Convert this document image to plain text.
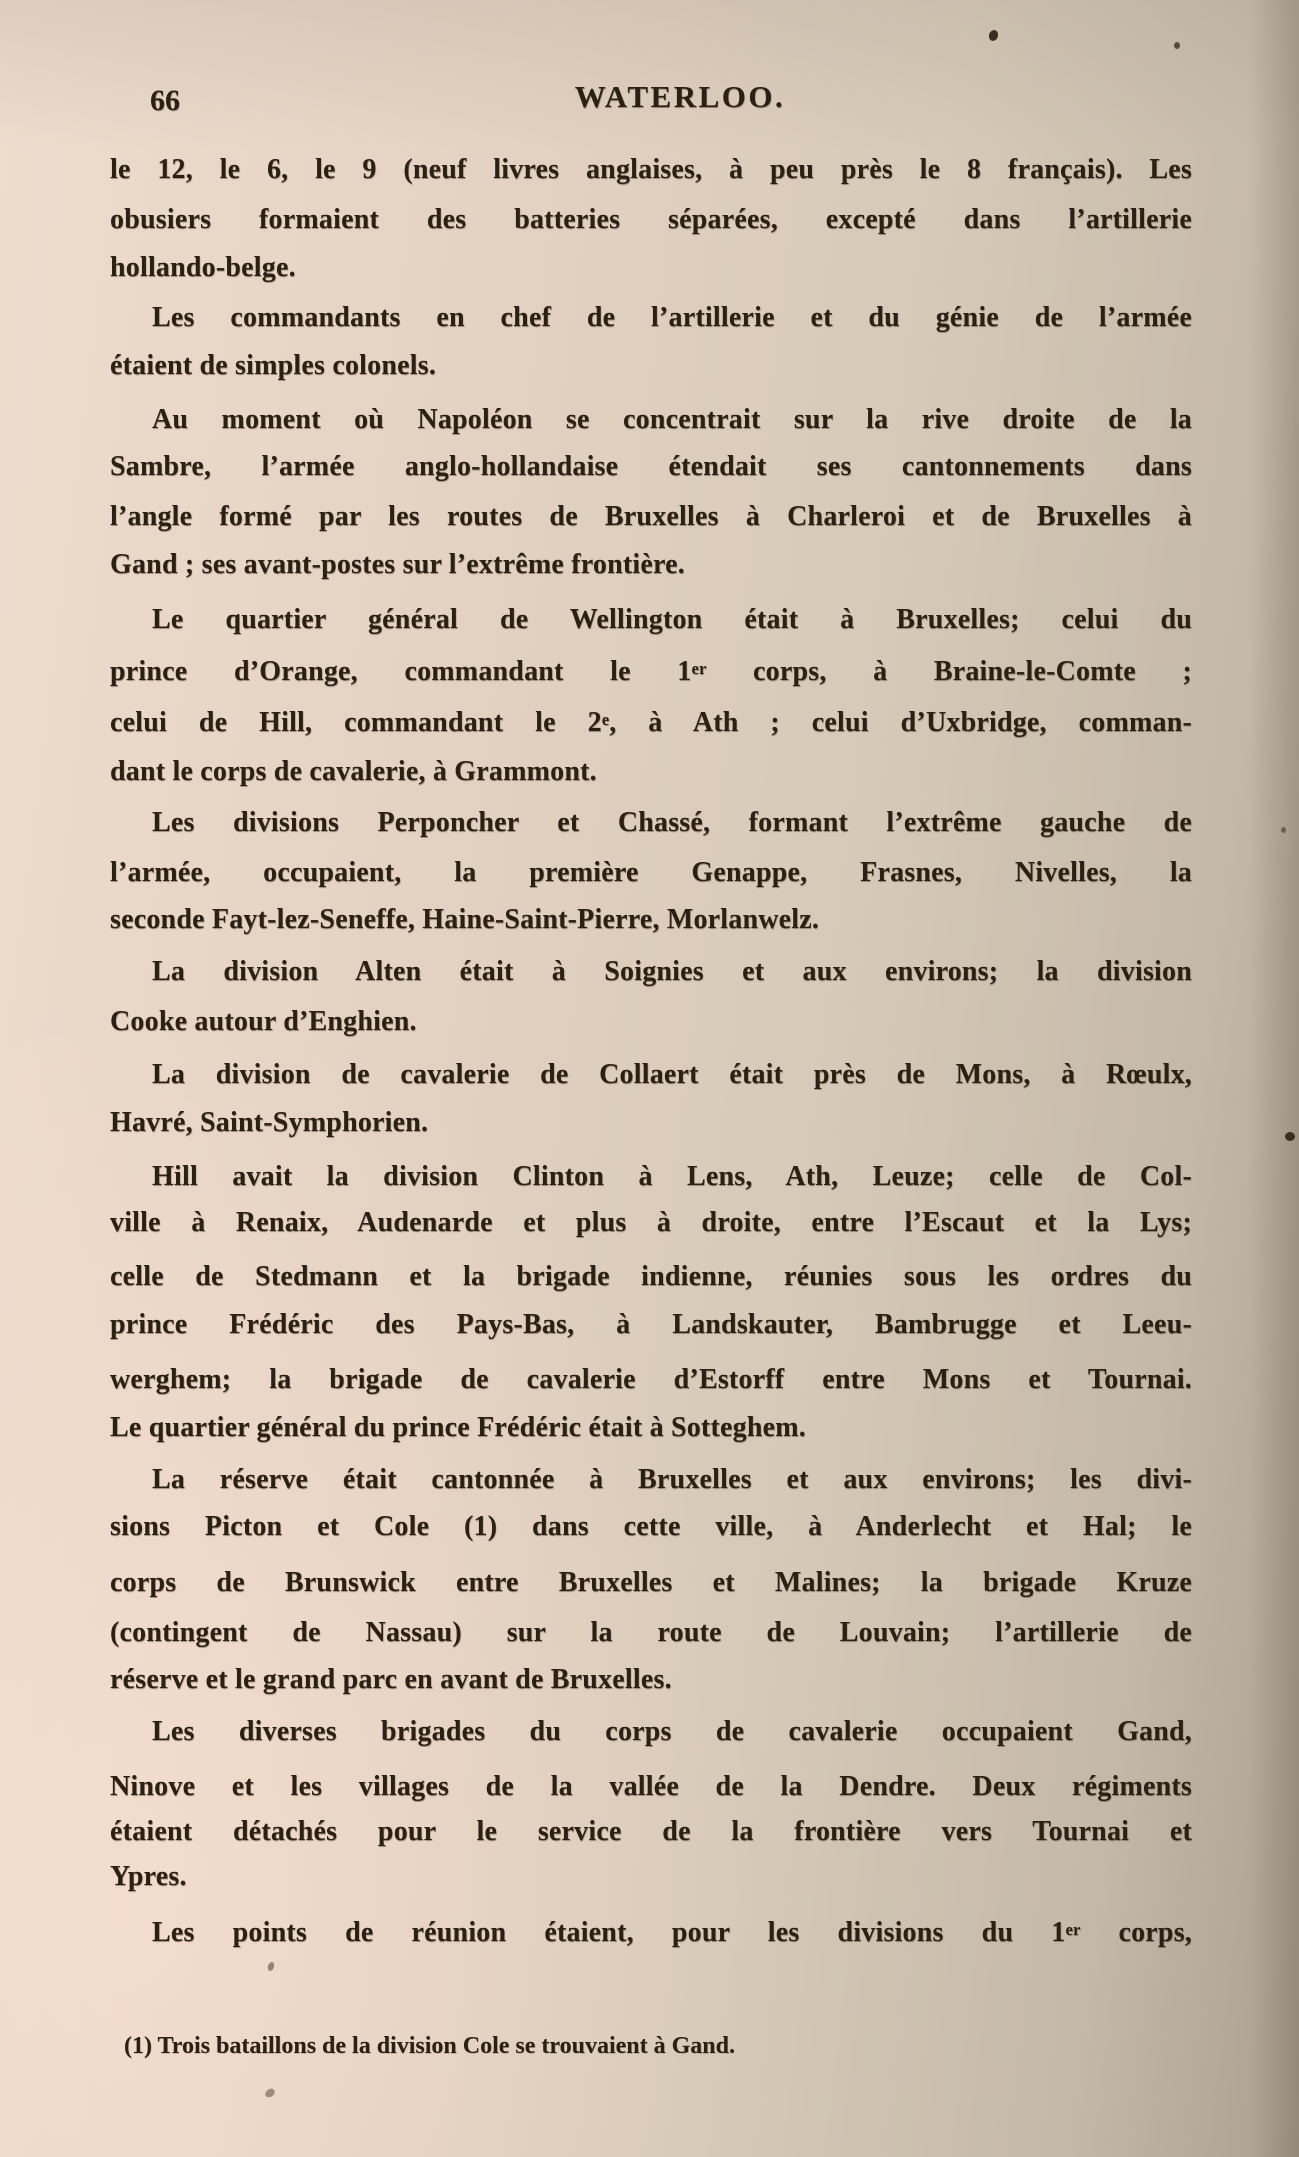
66	WATERLOO.
le 12, le 6, le 9 (neuf livres anglaises, à peu près le 8 français). Les
obusiers formaient des batteries séparées, excepté dans l’artillerie
hollando-belge.
Les commandants en chef de l’artillerie et du génie de l’armée
étaient de simples colonels.
Au moment où Napoléon se concentrait sur la rive droite de la
Sambre, l’armée anglo-hollandaise étendait ses cantonnements dans
l’angle formé par les routes de Bruxelles à Charleroi et de Bruxelles à
Gand ; ses avant-postes sur l’extrême frontière.
Le quartier général de Wellington était à Bruxelles; celui du
prince d’Orange, commandant le 1er corps, à Braine-le-Comte ;
celui de Hill, commandant le 2e, à Ath ; celui d’Uxbridge, comman-
dant le corps de cavalerie, à Grammont.
Les divisions Perponcher et Chassé, formant l’extrême gauche de
l’armée, occupaient, la première Genappe, Frasnes, Nivelles, la
seconde Fayt-lez-Seneffe, Haine-Saint-Pierre, Morlanwelz.
La division Alten était à Soignies et aux environs; la division
Cooke autour d’Enghien.
La division de cavalerie de Collaert était près de Mons, à Rœulx,
Havré, Saint-Symphorien.
Hill avait la division Clinton à Lens, Ath, Leuze; celle de Col-
ville à Renaix, Audenarde et plus à droite, entre l’Escaut et la Lys;
celle de Stedmann et la brigade indienne, réunies sous les ordres du
prince Frédéric des Pays-Bas, à Landskauter, Bambrugge et Leeu-
werghem; la brigade de cavalerie d’Estorff entre Mons et Tournai.
Le quartier général du prince Frédéric était à Sotteghem.
La réserve était cantonnée à Bruxelles et aux environs; les divi-
sions Picton et Cole (1) dans cette ville, à Anderlecht et Hal; le
corps de Brunswick entre Bruxelles et Malines; la brigade Kruze
(contingent de Nassau) sur la route de Louvain; l’artillerie de
réserve et le grand parc en avant de Bruxelles.
Les diverses brigades du corps de cavalerie occupaient Gand,
Ninove et les villages de la vallée de la Dendre. Deux régiments
étaient détachés pour le service de la frontière vers Tournai et
Ypres.
Les points de réunion étaient, pour les divisions du 1er corps,
(1) Trois bataillons de la division Cole se trouvaient à Gand.
